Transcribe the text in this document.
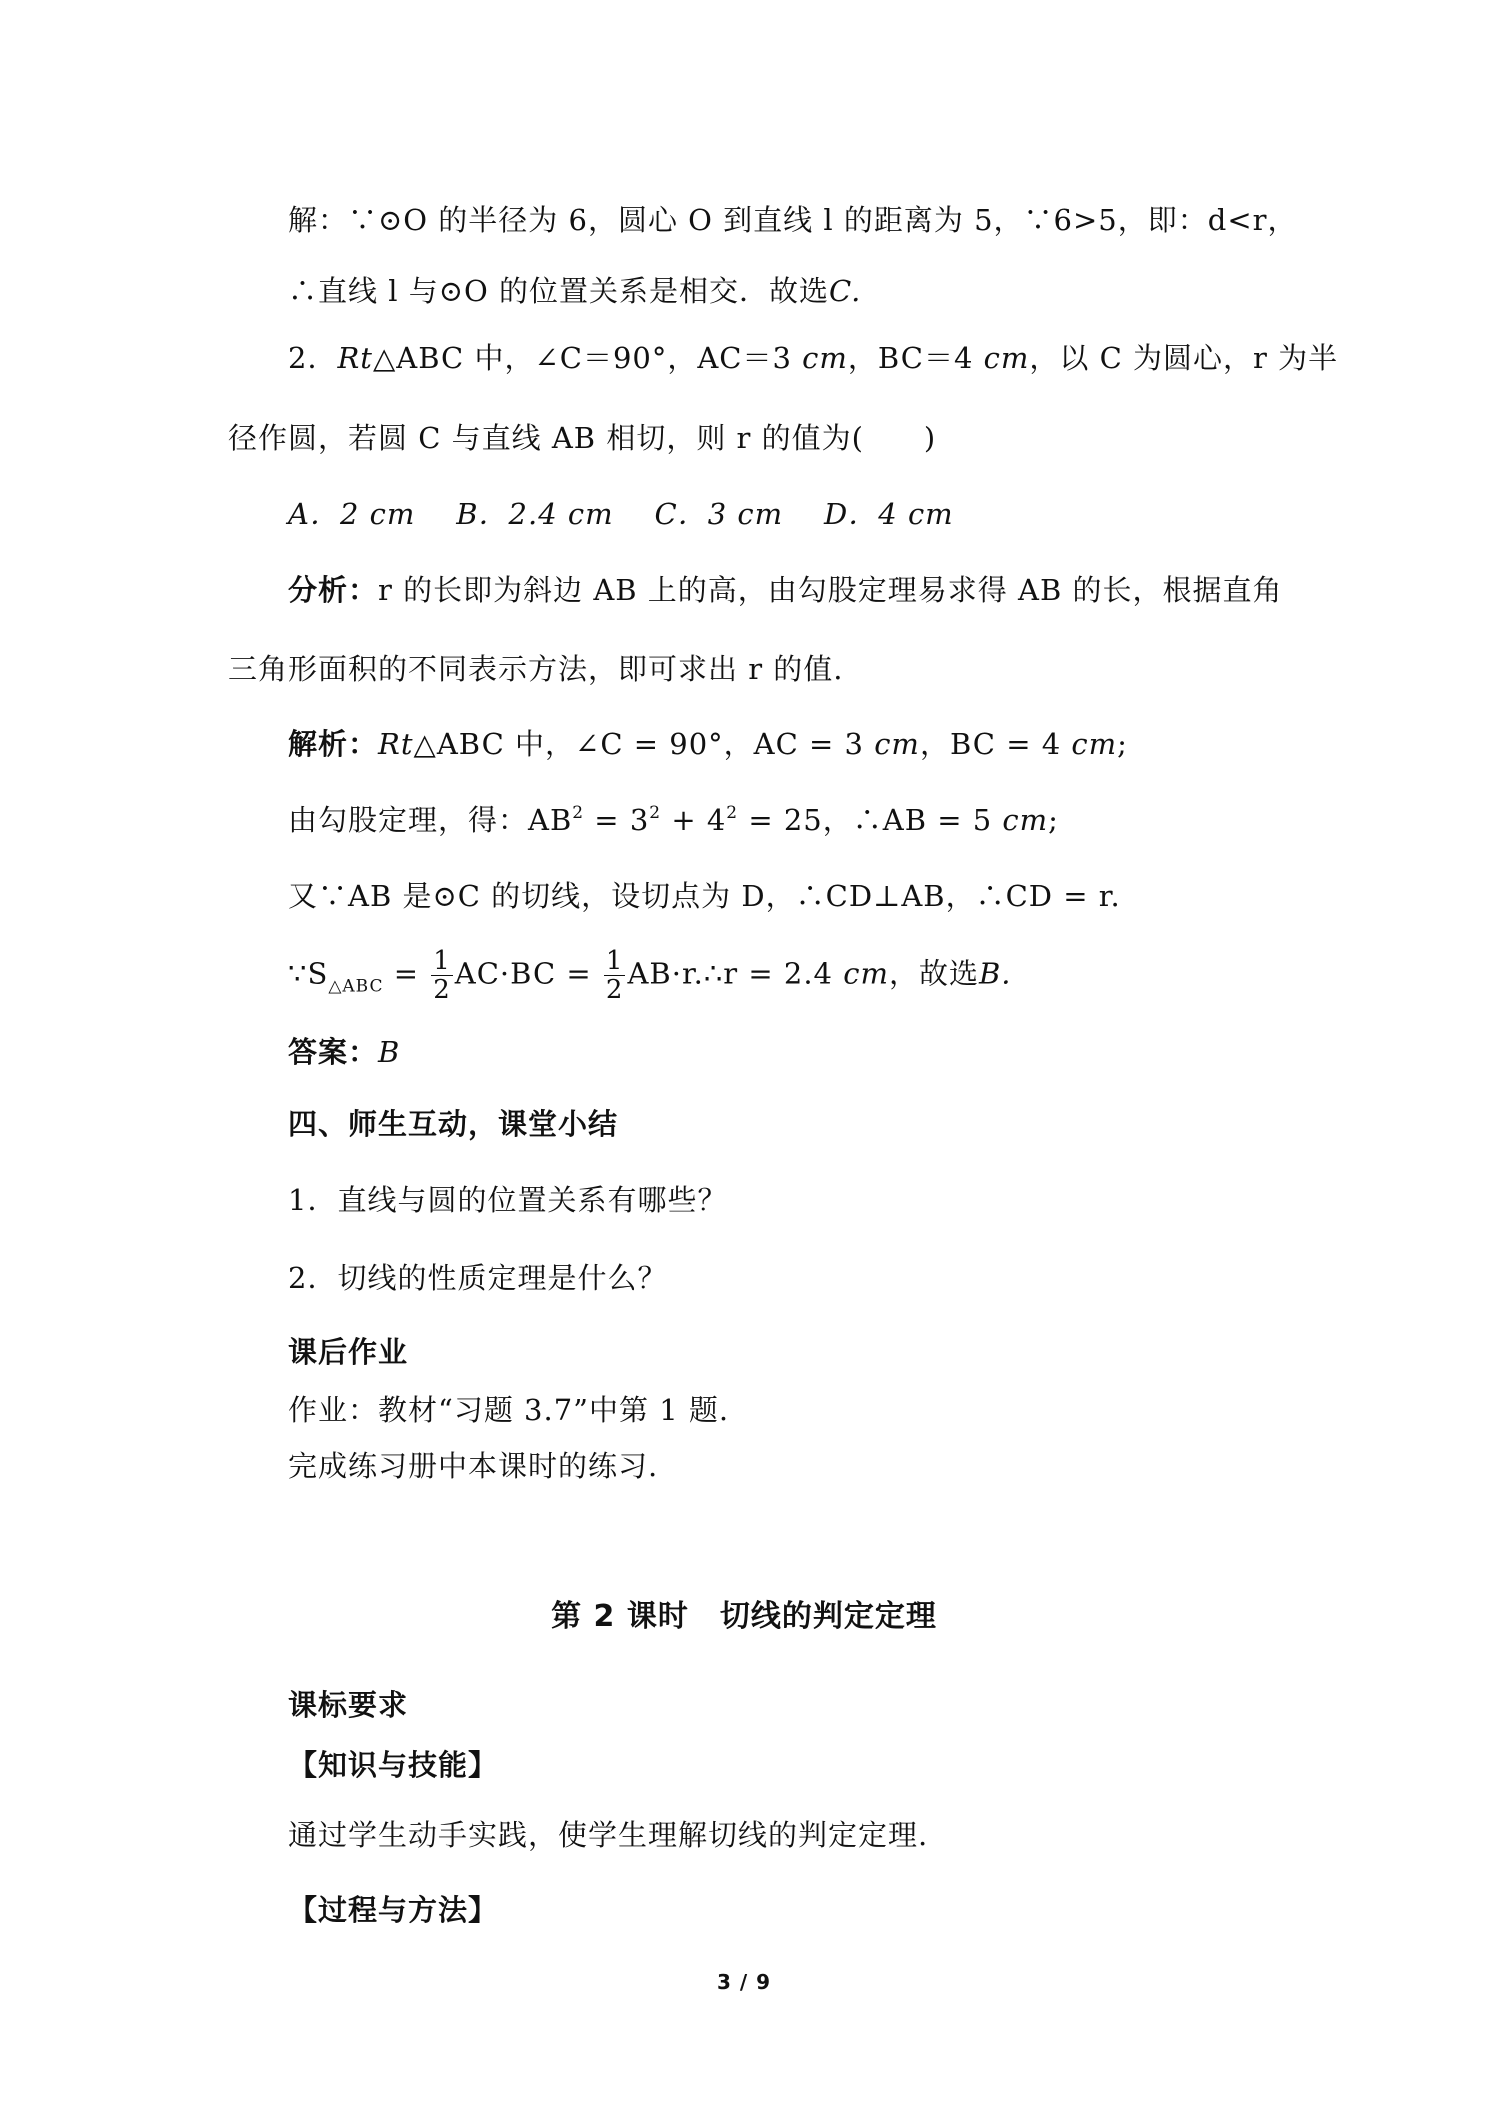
解：∵⊙O 的半径为 6，圆心 O 到直线 l 的距离为 5，∵6>5，即：d<r，
∴直线 l 与⊙O 的位置关系是相交．故选C.
2．Rt△ABC 中，∠C＝90°，AC＝3 cm，BC＝4 cm，以 C 为圆心，r 为半
径作圆，若圆 C 与直线 AB 相切，则 r 的值为(　　)
A．2 cm B．2.4 cm C．3 cm D．4 cm
分析：r 的长即为斜边 AB 上的高，由勾股定理易求得 AB 的长，根据直角
三角形面积的不同表示方法，即可求出 r 的值.
解析：Rt△ABC 中，∠C = 90°，AC = 3 cm，BC = 4 cm;
由勾股定理，得：$AB^2 = 3^2 + 4^2 = 25$，∴AB = 5 cm;
又∵AB 是⊙C 的切线，设切点为 D，∴CD⊥AB，∴CD = r.
$\because S_{\triangle ABC} = \frac{1}{2} AC\cdot BC = \frac{1}{2}$ AB·r.∴r = 2.4 cm，故选B.
答案：B
四、师生互动，课堂小结
1．直线与圆的位置关系有哪些？
2．切线的性质定理是什么？
课后作业
作业：教材“习题 3.7”中第 1 题.
完成练习册中本课时的练习.
第 2 课时　切线的判定定理
课标要求
【知识与技能】
通过学生动手实践，使学生理解切线的判定定理.
【过程与方法】
3 / 9
